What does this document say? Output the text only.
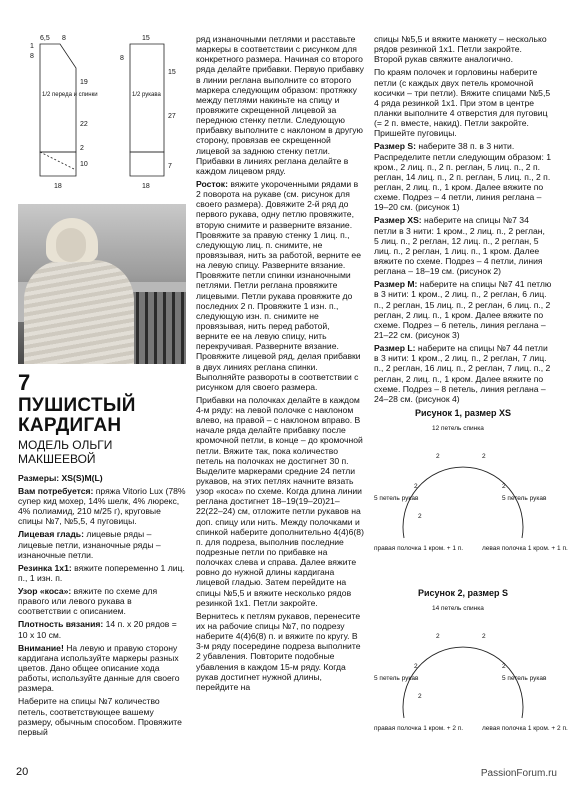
6,5 8
1
8
19
22
2
10
18
1/2 переда и спинки
15
8
15
27
7
18
1/2 рукава
7
ПУШИСТЫЙ КАРДИГАН
МОДЕЛЬ ОЛЬГИ МАКШЕЕВОЙ

Размеры: XS(S)M(L)

Вам потребуется: пряжа Vitorio Lux (78% супер кид мохер, 14% шелк, 4% люрекс, 4% полиамид, 210 м/25 г), круговые спицы №7, №5,5, 4 пуговицы.

Лицевая гладь: лицевые ряды – лицевые петли, изнаночные ряды – изнаночные петли.

Резинка 1х1: вяжите попеременно 1 лиц. п., 1 изн. п.

Узор «коса»: вяжите по схеме для правого или левого рукава в соответствии с описанием.

Плотность вязания: 14 п. х 20 рядов = 10 х 10 см.

Внимание! На левую и правую сторону кардигана используйте маркеры разных цветов. Дано общее описание хода работы, используйте данные для своего размера.

Наберите на спицы №7 количество петель, соответствующее вашему размеру, обычным способом. Провяжите первый

ряд изнаночными петлями и расставьте маркеры в соответствии с рисунком для конкретного размера. Начиная со второго ряда делайте прибавки. Первую прибавку в линии реглана выполните со второго маркера следующим образом: протяжку между петлями накиньте на спицу и провяжите скрещенной лицевой за переднюю стенку петли. Следующую прибавку выполните с наклоном в другую сторону, провязав ее скрещенной лицевой за заднюю стенку петли. Прибавки в линиях реглана делайте в каждом лицевом ряду.

Росток: вяжите укороченными рядами в 2 поворота на рукаве (см. рисунок для своего размера). Довяжите 2-й ряд до первого рукава, одну петлю провяжите, вторую снимите и разверните вязание. Провяжите за правую стенку 1 лиц. п., следующую лиц. п. снимите, не провязывая, нить за работой, верните ее на левую спицу. Разверните вязание. Провяжите петли спинки изнаночными петлями. Петли реглана провяжите лицевыми. Петли рукава провяжите до последних 2 п. Провяжите 1 изн. п., следующую изн. п. снимите не провязывая, нить перед работой, верните ее на левую спицу, нить перекручивая. Разверните вязание. Провяжите лицевой ряд, делая прибавки в двух линиях реглана спинки. Выполняйте развороты в соответствии с рисунком для своего размера.

Прибавки на полочках делайте в каждом 4-м ряду: на левой полочке с наклоном влево, на правой – с наклоном вправо. В начале ряда делайте прибавку после кромочной петли, в конце – до кромочной петли. Вяжите так, пока количество петель на полочках не достигнет 30 п. Выделите маркерами средние 24 петли рукавов, на этих петлях начните вязать узор «коса» по схеме. Когда длина линии реглана достигнет 18–19(19–20)21–22(22–24) см, отложите петли рукавов на доп. спицу или нить. Между полочками и спинкой наберите дополнительно 4(4)6(8) п. для подреза, выполнив последние подрезные петли по прибавке на полочках слева и справа. Далее вяжите ровно до нужной длины кардигана лицевой гладью. Затем перейдите на спицы №5,5 и вяжите несколько рядов резинкой 1х1. Петли закройте.

Вернитесь к петлям рукавов, перенесите их на рабочие спицы №7, по подрезу наберите 4(4)6(8) п. и вяжите по кругу. В 3-м ряду посередине подреза выполните 2 убавления. Повторите подобные убавления в каждом 15-м ряду. Когда рукав достигнет нужной длины, перейдите на

спицы №5,5 и вяжите манжету – несколько рядов резинкой 1х1. Петли закройте. Второй рукав свяжите аналогично.

По краям полочек и горловины наберите петли (с каждых двух петель кромочной косички – три петли). Вяжите спицами №5,5 4 ряда резинкой 1х1. При этом в центре планки выполните 4 отверстия для пуговиц (= 2 п. вместе, накид). Петли закройте. Пришейте пуговицы.

Размер S: наберите 38 п. в 3 нити. Распределите петли следующим образом: 1 кром., 2 лиц. п., 2 п. реглан, 5 лиц. п., 2 п. реглан, 14 лиц. п., 2 п. реглан, 5 лиц. п., 2 п. реглан, 2 лиц. п., 1 кром. Далее вяжите по схеме. Подрез – 4 петли, линия реглана – 19–20 см. (рисунок 1)

Размер XS: наберите на спицы №7 34 петли в 3 нити: 1 кром., 2 лиц. п., 2 реглан, 5 лиц. п., 2 реглан, 12 лиц. п., 2 реглан, 5 лиц. п., 2 реглан, 1 лиц. п., 1 кром. Далее вяжите по схеме. Подрез – 4 петли, линия реглана – 18–19 см. (рисунок 2)

Размер M: наберите на спицы №7 41 петлю в 3 нити: 1 кром., 2 лиц. п., 2 реглан, 6 лиц. п., 2 реглан, 15 лиц. п., 2 реглан, 6 лиц. п., 2 реглан, 2 лиц. п., 1 кром. Далее вяжите по схеме. Подрез – 6 петель, линия реглана – 21–22 см. (рисунок 3)

Размер L: наберите на спицы №7 44 петли в 3 нити: 1 кром., 2 лиц. п., 2 реглан, 7 лиц. п., 2 реглан, 16 лиц. п., 2 реглан, 7 лиц. п., 2 реглан, 2 лиц. п., 1 кром. Далее вяжите по схеме. Подрез – 8 петель, линия реглана – 24–28 см. (рисунок 4)

Рисунок 1, размер XS
12 петель спинка
5 петель рукав	5 петель рукав
правая полочка 1 кром. + 1 п.	левая полочка 1 кром. + 1 п.
2	2
2	2
2
Рисунок 2, размер S
14 петель спинка
5 петель рукав	5 петель рукав
правая полочка 1 кром. + 2 п.	левая полочка 1 кром. + 2 п.
2	2
2	2
2
20	PassionForum.ru
